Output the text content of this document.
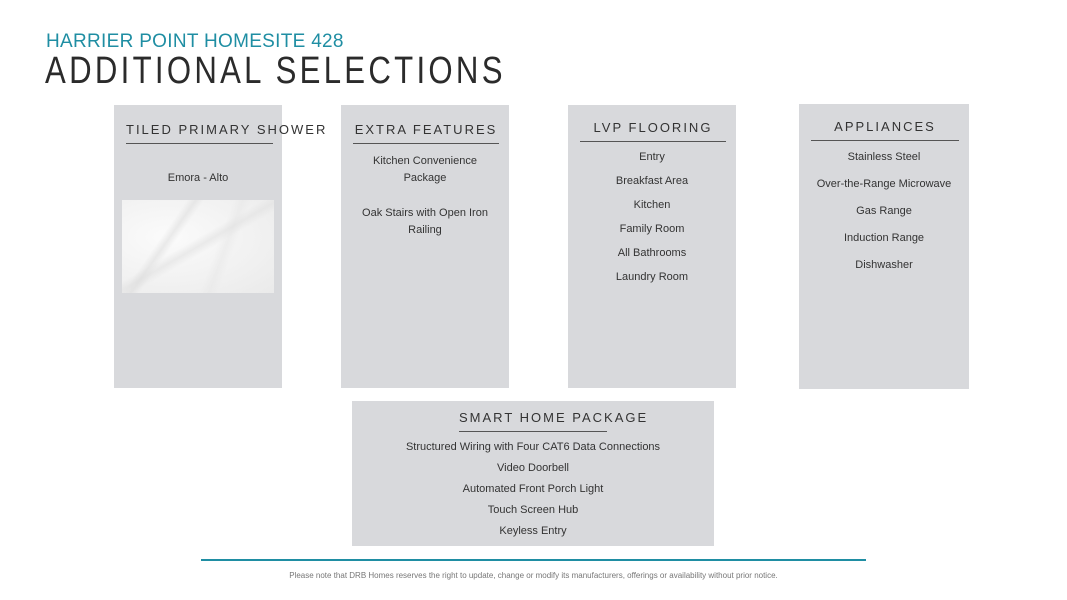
HARRIER POINT HOMESITE 428
ADDITIONAL SELECTIONS
TILED PRIMARY SHOWER
Emora - Alto
EXTRA FEATURES
Kitchen Convenience Package
Oak Stairs with Open Iron Railing
LVP FLOORING
Entry
Breakfast Area
Kitchen
Family Room
All Bathrooms
Laundry Room
APPLIANCES
Stainless Steel
Over-the-Range Microwave
Gas Range
Induction Range
Dishwasher
SMART HOME PACKAGE
Structured Wiring with Four CAT6 Data Connections
Video Doorbell
Automated Front Porch Light
Touch Screen Hub
Keyless Entry
Please note that DRB Homes reserves the right to update, change or modify its manufacturers, offerings or availability without prior notice.
